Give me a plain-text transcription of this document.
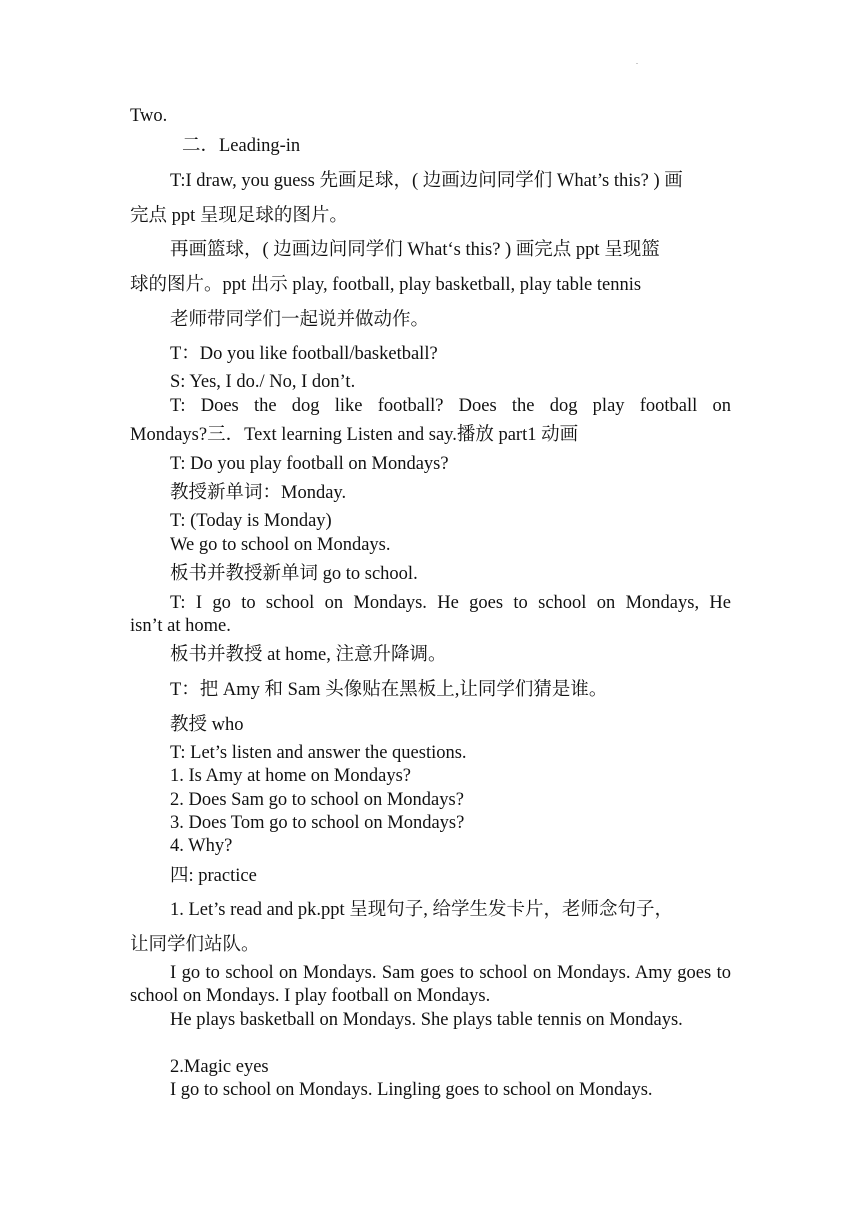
.
Two.
二．Leading-in
T:I draw, you guess 先画足球，( 边画边问同学们 What’s this? ) 画
完点 ppt 呈现足球的图片。
再画篮球，( 边画边问同学们 What‘s this? ) 画完点 ppt 呈现篮
球的图片。ppt 出示 play, football, play basketball, play table tennis
老师带同学们一起说并做动作。
T：Do you like football/basketball?
S: Yes, I do./ No, I don’t.
T: Does the dog like football? Does the dog play football on
Mondays?三．Text learning Listen and say.播放 part1 动画
T: Do you play football on Mondays?
教授新单词：Monday.
T: (Today is Monday)
We go to school on Mondays.
板书并教授新单词 go to school.
T: I go to school on Mondays. He goes to school on Mondays, He
isn’t at home.
板书并教授 at home, 注意升降调。
T：把 Amy 和 Sam 头像贴在黑板上,让同学们猜是谁。
教授 who
T: Let’s listen and answer the questions.
1. Is Amy at home on Mondays?
2. Does Sam go to school on Mondays?
3. Does Tom go to school on Mondays?
4. Why?
四: practice
1. Let’s read and pk.ppt 呈现句子, 给学生发卡片，老师念句子，
让同学们站队。
I go to school on Mondays. Sam goes to school on Mondays. Amy goes to school on Mondays. I play football on Mondays.
He plays basketball on Mondays. She plays table tennis on Mondays.
2.Magic eyes
I go to school on Mondays. Lingling goes to school on Mondays.
